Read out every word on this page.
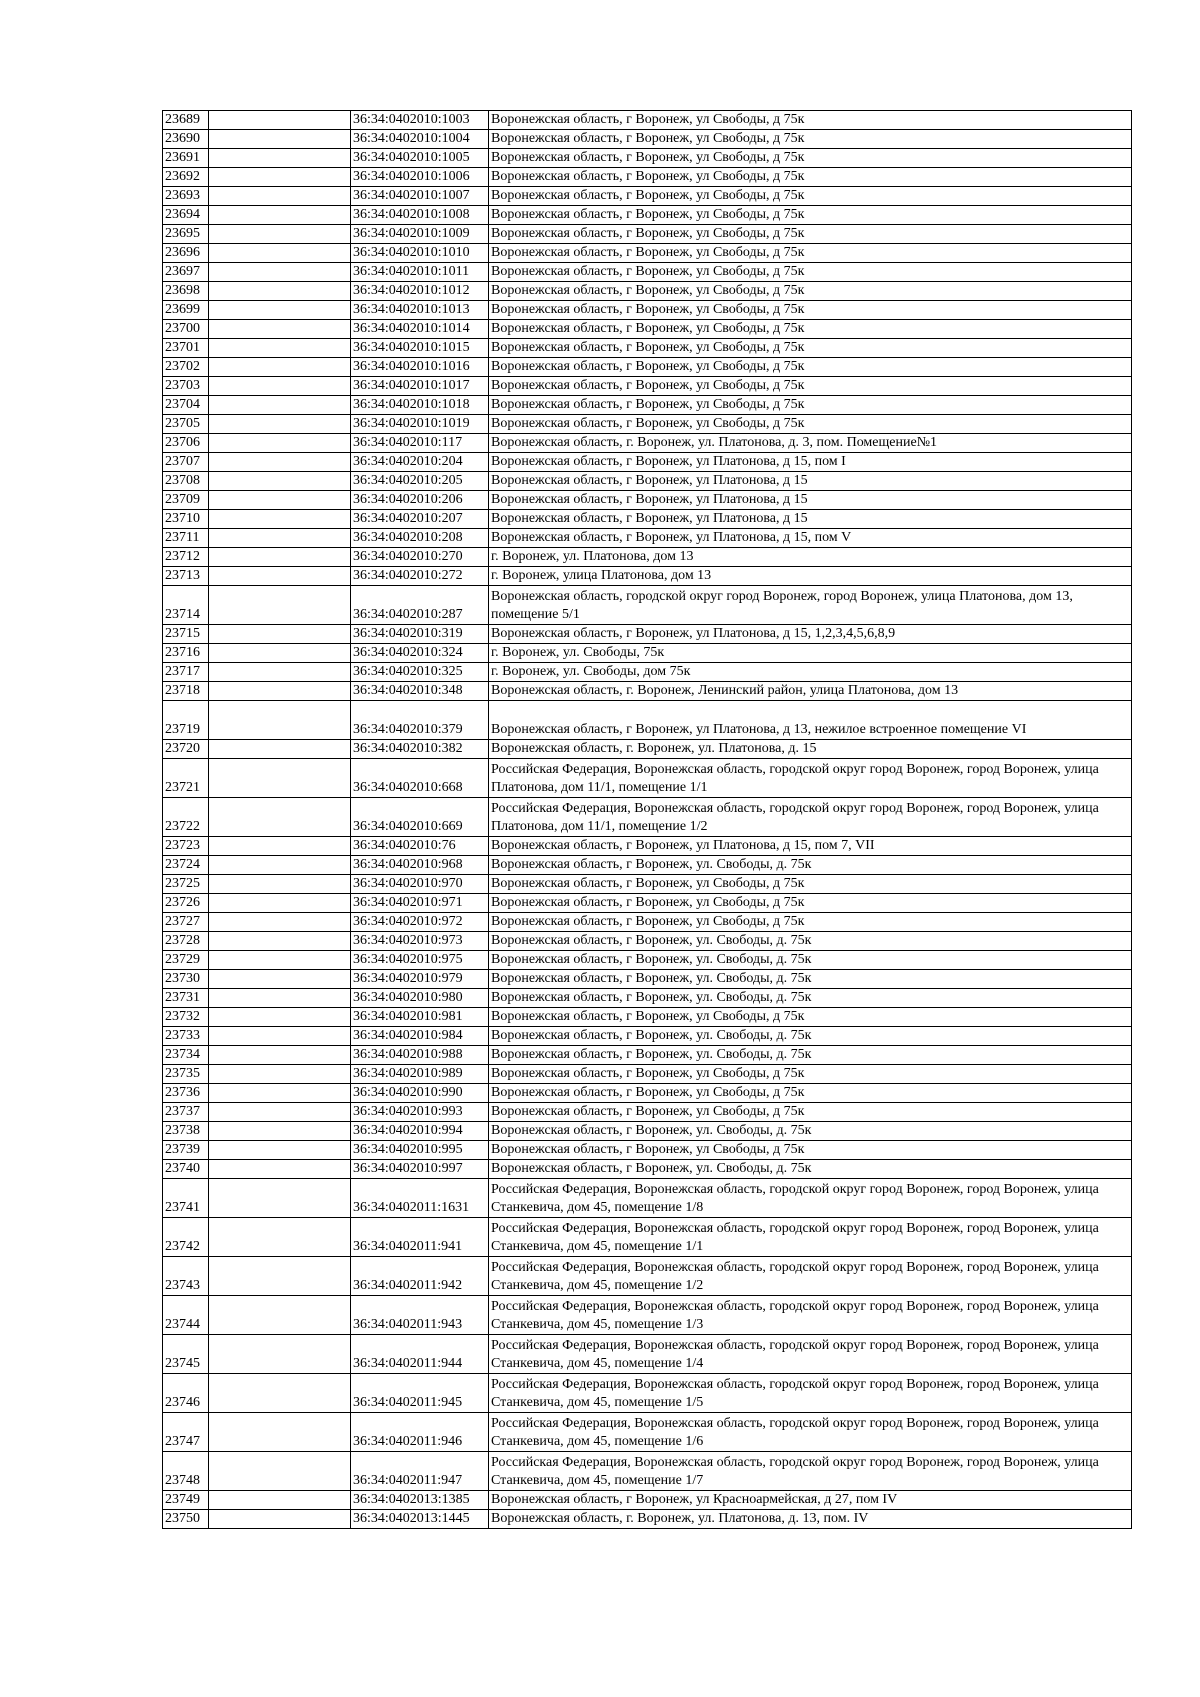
23689		36:34:0402010:1003	Воронежская область, г Воронеж, ул Свободы, д 75к
23690		36:34:0402010:1004	Воронежская область, г Воронеж, ул Свободы, д 75к
23691		36:34:0402010:1005	Воронежская область, г Воронеж, ул Свободы, д 75к
23692		36:34:0402010:1006	Воронежская область, г Воронеж, ул Свободы, д 75к
23693		36:34:0402010:1007	Воронежская область, г Воронеж, ул Свободы, д 75к
23694		36:34:0402010:1008	Воронежская область, г Воронеж, ул Свободы, д 75к
23695		36:34:0402010:1009	Воронежская область, г Воронеж, ул Свободы, д 75к
23696		36:34:0402010:1010	Воронежская область, г Воронеж, ул Свободы, д 75к
23697		36:34:0402010:1011	Воронежская область, г Воронеж, ул Свободы, д 75к
23698		36:34:0402010:1012	Воронежская область, г Воронеж, ул Свободы, д 75к
23699		36:34:0402010:1013	Воронежская область, г Воронеж, ул Свободы, д 75к
23700		36:34:0402010:1014	Воронежская область, г Воронеж, ул Свободы, д 75к
23701		36:34:0402010:1015	Воронежская область, г Воронеж, ул Свободы, д 75к
23702		36:34:0402010:1016	Воронежская область, г Воронеж, ул Свободы, д 75к
23703		36:34:0402010:1017	Воронежская область, г Воронеж, ул Свободы, д 75к
23704		36:34:0402010:1018	Воронежская область, г Воронеж, ул Свободы, д 75к
23705		36:34:0402010:1019	Воронежская область, г Воронеж, ул Свободы, д 75к
23706		36:34:0402010:117	Воронежская область, г. Воронеж, ул. Платонова, д. 3, пом. Помещение№1
23707		36:34:0402010:204	Воронежская область, г Воронеж, ул Платонова, д 15, пом I
23708		36:34:0402010:205	Воронежская область, г Воронеж, ул Платонова, д 15
23709		36:34:0402010:206	Воронежская область, г Воронеж, ул Платонова, д 15
23710		36:34:0402010:207	Воронежская область, г Воронеж, ул Платонова, д 15
23711		36:34:0402010:208	Воронежская область, г Воронеж, ул Платонова, д 15, пом V
23712		36:34:0402010:270	г. Воронеж, ул. Платонова, дом 13
23713		36:34:0402010:272	г. Воронеж, улица Платонова, дом 13
23714		36:34:0402010:287	Воронежская область, городской округ город Воронеж, город Воронеж, улица Платонова, дом 13, помещение 5/1
23715		36:34:0402010:319	Воронежская область, г Воронеж, ул Платонова, д 15, 1,2,3,4,5,6,8,9
23716		36:34:0402010:324	г. Воронеж, ул. Свободы, 75к
23717		36:34:0402010:325	г. Воронеж, ул. Свободы, дом 75к
23718		36:34:0402010:348	Воронежская область, г. Воронеж, Ленинский район, улица Платонова, дом 13
23719		36:34:0402010:379	Воронежская область, г Воронеж, ул Платонова, д 13, нежилое встроенное помещение VI
23720		36:34:0402010:382	Воронежская область, г. Воронеж, ул. Платонова, д. 15
23721		36:34:0402010:668	Российская Федерация, Воронежская область, городской округ город Воронеж, город Воронеж, улица Платонова, дом 11/1, помещение 1/1
23722		36:34:0402010:669	Российская Федерация, Воронежская область, городской округ город Воронеж, город Воронеж, улица Платонова, дом 11/1, помещение 1/2
23723		36:34:0402010:76	Воронежская область, г Воронеж, ул Платонова, д 15, пом 7, VII
23724		36:34:0402010:968	Воронежская область, г Воронеж, ул. Свободы, д. 75к
23725		36:34:0402010:970	Воронежская область, г Воронеж, ул Свободы, д 75к
23726		36:34:0402010:971	Воронежская область, г Воронеж, ул Свободы, д 75к
23727		36:34:0402010:972	Воронежская область, г Воронеж, ул Свободы, д 75к
23728		36:34:0402010:973	Воронежская область, г Воронеж, ул. Свободы, д. 75к
23729		36:34:0402010:975	Воронежская область, г Воронеж, ул. Свободы, д. 75к
23730		36:34:0402010:979	Воронежская область, г Воронеж, ул. Свободы, д. 75к
23731		36:34:0402010:980	Воронежская область, г Воронеж, ул. Свободы, д. 75к
23732		36:34:0402010:981	Воронежская область, г Воронеж, ул Свободы, д 75к
23733		36:34:0402010:984	Воронежская область, г Воронеж, ул. Свободы, д. 75к
23734		36:34:0402010:988	Воронежская область, г Воронеж, ул. Свободы, д. 75к
23735		36:34:0402010:989	Воронежская область, г Воронеж, ул Свободы, д 75к
23736		36:34:0402010:990	Воронежская область, г Воронеж, ул Свободы, д 75к
23737		36:34:0402010:993	Воронежская область, г Воронеж, ул Свободы, д 75к
23738		36:34:0402010:994	Воронежская область, г Воронеж, ул. Свободы, д. 75к
23739		36:34:0402010:995	Воронежская область, г Воронеж, ул Свободы, д 75к
23740		36:34:0402010:997	Воронежская область, г Воронеж, ул. Свободы, д. 75к
23741		36:34:0402011:1631	Российская Федерация, Воронежская область, городской округ город Воронеж, город Воронеж, улица Станкевича, дом 45, помещение 1/8
23742		36:34:0402011:941	Российская Федерация, Воронежская область, городской округ город Воронеж, город Воронеж, улица Станкевича, дом 45, помещение 1/1
23743		36:34:0402011:942	Российская Федерация, Воронежская область, городской округ город Воронеж, город Воронеж, улица Станкевича, дом 45, помещение 1/2
23744		36:34:0402011:943	Российская Федерация, Воронежская область, городской округ город Воронеж, город Воронеж, улица Станкевича, дом 45, помещение 1/3
23745		36:34:0402011:944	Российская Федерация, Воронежская область, городской округ город Воронеж, город Воронеж, улица Станкевича, дом 45, помещение 1/4
23746		36:34:0402011:945	Российская Федерация, Воронежская область, городской округ город Воронеж, город Воронеж, улица Станкевича, дом 45, помещение 1/5
23747		36:34:0402011:946	Российская Федерация, Воронежская область, городской округ город Воронеж, город Воронеж, улица Станкевича, дом 45, помещение 1/6
23748		36:34:0402011:947	Российская Федерация, Воронежская область, городской округ город Воронеж, город Воронеж, улица Станкевича, дом 45, помещение 1/7
23749		36:34:0402013:1385	Воронежская область, г Воронеж, ул Красноармейская, д 27, пом IV
23750		36:34:0402013:1445	Воронежская область, г. Воронеж, ул. Платонова, д. 13, пом. IV
